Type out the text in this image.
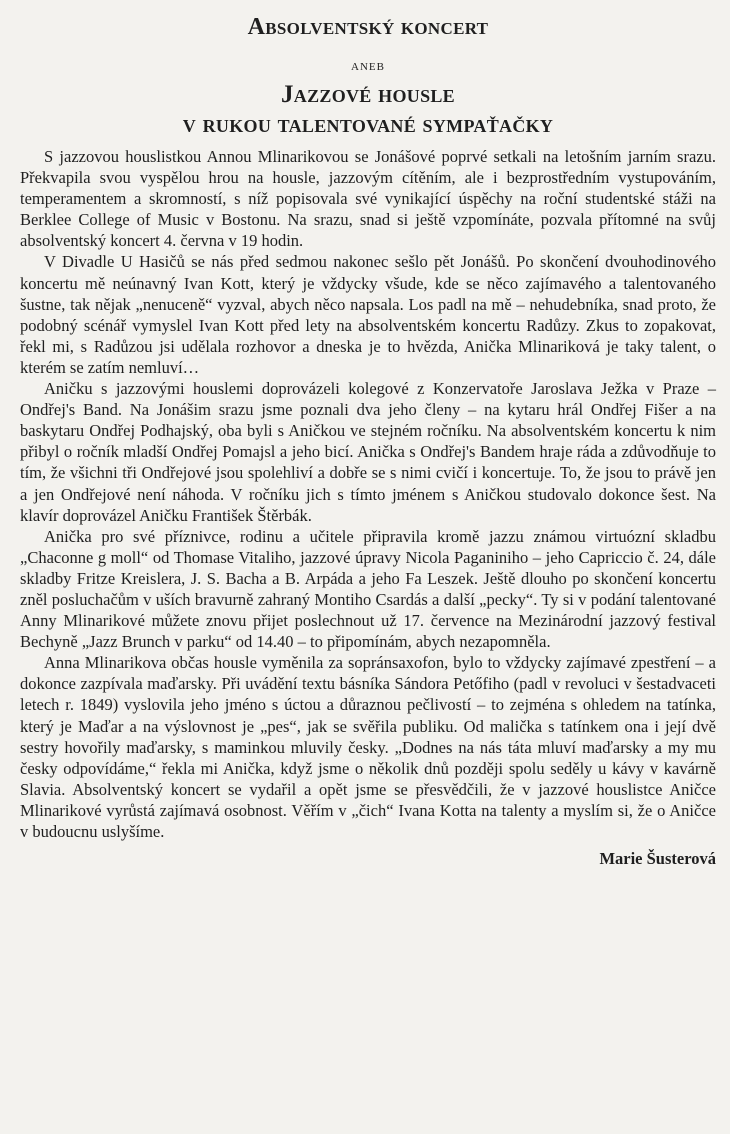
Absolventský koncert
ANEB
Jazzové housle
v rukou talentované sympaťačky

S jazzovou houslistkou Annou Mlinarikovou se Jonášové poprvé setkali na letošním jarním srazu. Překvapila svou vyspělou hrou na housle, jazzovým cítěním, ale i bezprostředním vystupováním, temperamentem a skromností, s níž popisovala své vynikající úspěchy na roční studentské stáži na Berklee College of Music v Bostonu. Na srazu, snad si ještě vzpomínáte, pozvala přítomné na svůj absolventský koncert 4. června v 19 hodin.

V Divadle U Hasičů se nás před sedmou nakonec sešlo pět Jonášů. Po skončení dvouhodinového koncertu mě neúnavný Ivan Kott, který je vždycky všude, kde se něco zajímavého a talentovaného šustne, tak nějak „nenuceně“ vyzval, abych něco napsala. Los padl na mě – nehudebníka, snad proto, že podobný scénář vymyslel Ivan Kott před lety na absolventském koncertu Radůzy. Zkus to zopakovat, řekl mi, s Radůzou jsi udělala rozhovor a dneska je to hvězda, Anička Mlinariková je taky talent, o kterém se zatím nemluví…

Aničku s jazzovými houslemi doprovázeli kolegové z Konzervatoře Jaroslava Ježka v Praze – Ondřej's Band. Na Jonášim srazu jsme poznali dva jeho členy – na kytaru hrál Ondřej Fišer a na baskytaru Ondřej Podhajský, oba byli s Aničkou ve stejném ročníku. Na absolventském koncertu k nim přibyl o ročník mladší Ondřej Pomajsl a jeho bicí. Anička s Ondřej's Bandem hraje ráda a zdůvodňuje to tím, že všichni tři Ondřejové jsou spolehliví a dobře se s nimi cvičí i koncertuje. To, že jsou to právě jen a jen Ondřejové není náhoda. V ročníku jich s tímto jménem s Aničkou studovalo dokonce šest. Na klavír doprovázel Aničku František Štěrbák.

Anička pro své příznivce, rodinu a učitele připravila kromě jazzu známou virtuózní skladbu „Chaconne g moll“ od Thomase Vitaliho, jazzové úpravy Nicola Paganiniho – jeho Capriccio č. 24, dále skladby Fritze Kreislera, J. S. Bacha a B. Arpáda a jeho Fa Leszek. Ještě dlouho po skončení koncertu zněl posluchačům v uších bravurně zahraný Montiho Csardás a další „pecky“. Ty si v podání talentované Anny Mlinarikové můžete znovu přijet poslechnout už 17. července na Mezinárodní jazzový festival Bechyně „Jazz Brunch v parku“ od 14.40 – to připomínám, abych nezapomněla.

Anna Mlinarikova občas housle vyměnila za sopránsaxofon, bylo to vždycky zajímavé zpestření – a dokonce zazpívala maďarsky. Při uvádění textu básníka Sándora Petőfiho (padl v revoluci v šestadvaceti letech r. 1849) vyslovila jeho jméno s úctou a důraznou pečlivostí – to zejména s ohledem na tatínka, který je Maďar a na výslovnost je „pes“, jak se svěřila publiku. Od malička s tatínkem ona i její dvě sestry hovořily maďarsky, s maminkou mluvily česky. „Dodnes na nás táta mluví maďarsky a my mu česky odpovídáme,“ řekla mi Anička, když jsme o několik dnů později spolu seděly u kávy v kavárně Slavia. Absolventský koncert se vydařil a opět jsme se přesvědčili, že v jazzové houslistce Aničce Mlinarikové vyrůstá zajímavá osobnost. Věřím v „čich“ Ivana Kotta na talenty a myslím si, že o Aničce v budoucnu uslyšíme.

Marie Šusterová
